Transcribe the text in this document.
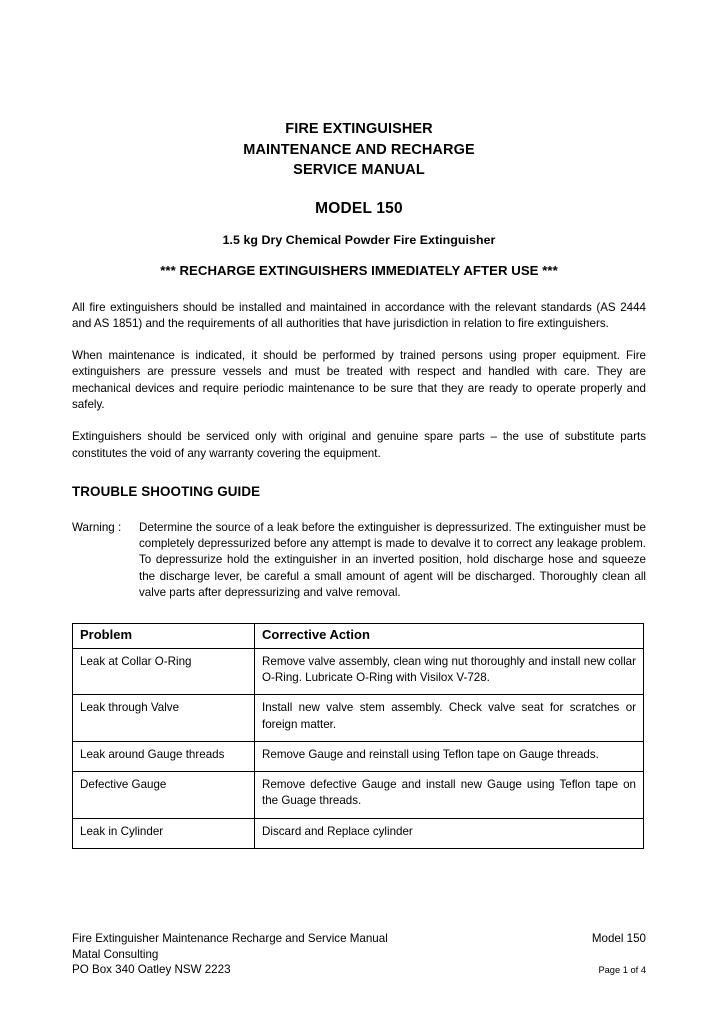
FIRE EXTINGUISHER
MAINTENANCE AND RECHARGE
SERVICE MANUAL
MODEL 150
1.5 kg Dry Chemical Powder Fire Extinguisher
*** RECHARGE EXTINGUISHERS IMMEDIATELY AFTER USE ***

All fire extinguishers should be installed and maintained in accordance with the relevant standards (AS 2444 and AS 1851) and the requirements of all authorities that have jurisdiction in relation to fire extinguishers.

When maintenance is indicated, it should be performed by trained persons using proper equipment. Fire extinguishers are pressure vessels and must be treated with respect and handled with care. They are mechanical devices and require periodic maintenance to be sure that they are ready to operate properly and safely.

Extinguishers should be serviced only with original and genuine spare parts – the use of substitute parts constitutes the void of any warranty covering the equipment.

TROUBLE SHOOTING GUIDE
Warning :	Determine the source of a leak before the extinguisher is depressurized. The extinguisher must be completely depressurized before any attempt is made to devalve it to correct any leakage problem. To depressurize hold the extinguisher in an inverted position, hold discharge hose and squeeze the discharge lever, be careful a small amount of agent will be discharged. Thoroughly clean all valve parts after depressurizing and valve removal.
Problem	Corrective Action
Leak at Collar O-Ring	Remove valve assembly, clean wing nut thoroughly and install new collar O-Ring. Lubricate O-Ring with Visilox V-728.
Leak through Valve	Install new valve stem assembly. Check valve seat for scratches or foreign matter.
Leak around Gauge threads	Remove Gauge and reinstall using Teflon tape on Gauge threads.
Defective Gauge	Remove defective Gauge and install new Gauge using Teflon tape on the Guage threads.
Leak in Cylinder	Discard and Replace cylinder
Fire Extinguisher Maintenance Recharge and Service Manual	Model 150
Matal Consulting
PO Box 340 Oatley NSW 2223	Page 1 of 4
